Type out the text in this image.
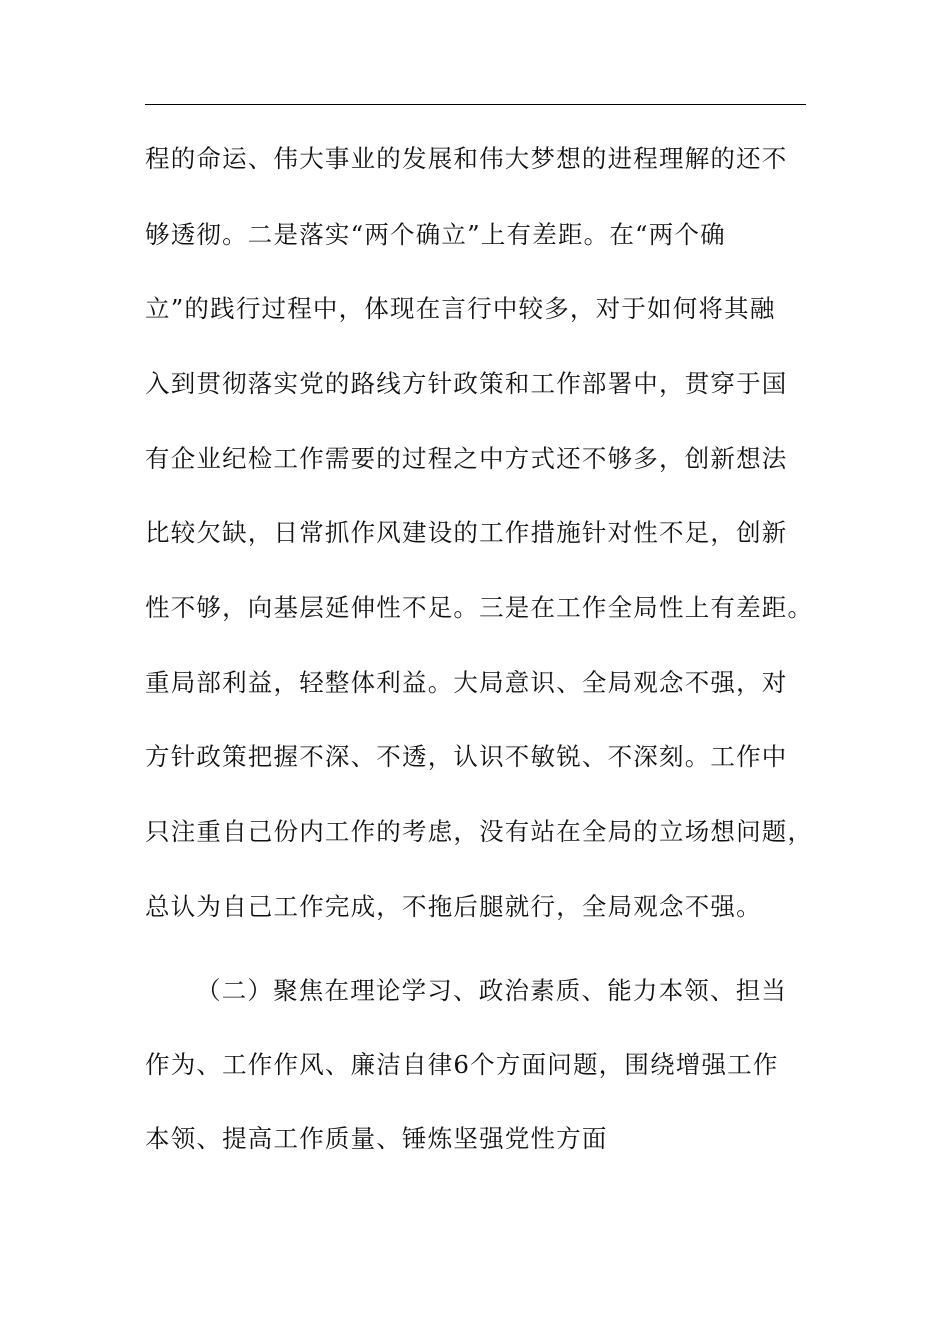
程的命运、伟大事业的发展和伟大梦想的进程理解的还不
够透彻。二是落实“两个确立”上有差距。在“两个确
立”的践行过程中，体现在言行中较多，对于如何将其融
入到贯彻落实党的路线方针政策和工作部署中，贯穿于国
有企业纪检工作需要的过程之中方式还不够多，创新想法
比较欠缺，日常抓作风建设的工作措施针对性不足，创新
性不够，向基层延伸性不足。三是在工作全局性上有差距。
重局部利益，轻整体利益。大局意识、全局观念不强，对
方针政策把握不深、不透，认识不敏锐、不深刻。工作中
只注重自己份内工作的考虑，没有站在全局的立场想问题，
总认为自己工作完成，不拖后腿就行，全局观念不强。
（二）聚焦在理论学习、政治素质、能力本领、担当
作为、工作作风、廉洁自律6个方面问题，围绕增强工作
本领、提高工作质量、锤炼坚强党性方面
